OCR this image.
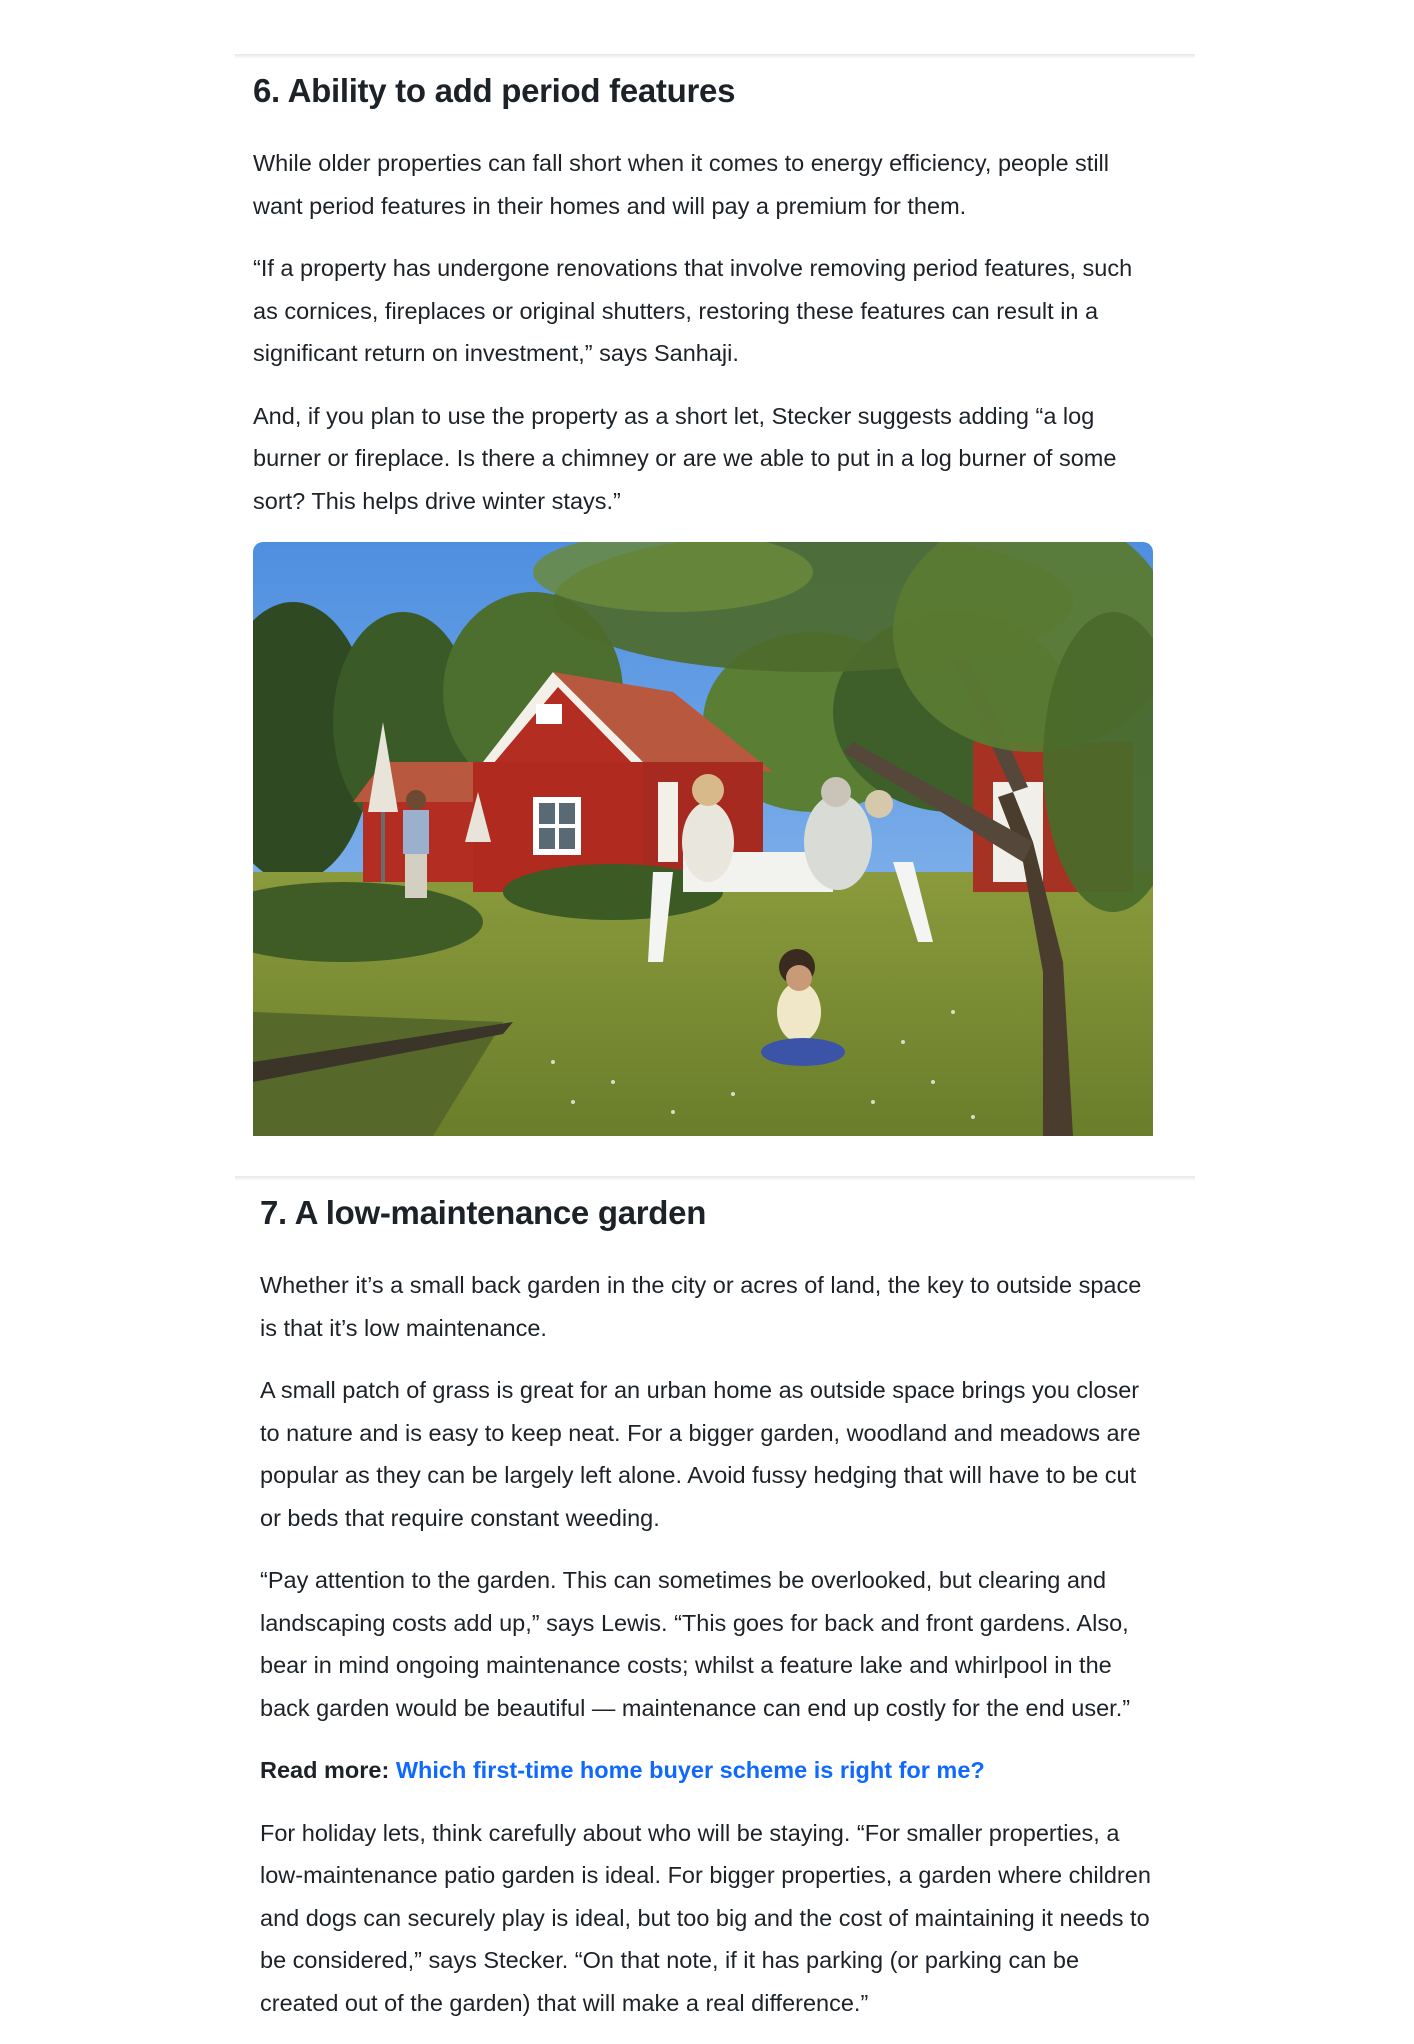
6. Ability to add period features

While older properties can fall short when it comes to energy efficiency, people still want period features in their homes and will pay a premium for them.

“If a property has undergone renovations that involve removing period features, such as cornices, fireplaces or original shutters, restoring these features can result in a significant return on investment,” says Sanhaji.

And, if you plan to use the property as a short let, Stecker suggests adding “a log burner or fireplace. Is there a chimney or are we able to put in a log burner of some sort? This helps drive winter stays.”

7. A low-maintenance garden

Whether it’s a small back garden in the city or acres of land, the key to outside space is that it’s low maintenance.

A small patch of grass is great for an urban home as outside space brings you closer to nature and is easy to keep neat. For a bigger garden, woodland and meadows are popular as they can be largely left alone. Avoid fussy hedging that will have to be cut or beds that require constant weeding.

“Pay attention to the garden. This can sometimes be overlooked, but clearing and landscaping costs add up,” says Lewis. “This goes for back and front gardens. Also, bear in mind ongoing maintenance costs; whilst a feature lake and whirlpool in the back garden would be beautiful — maintenance can end up costly for the end user.”

Read more: Which first-time home buyer scheme is right for me?

For holiday lets, think carefully about who will be staying. “For smaller properties, a low-maintenance patio garden is ideal. For bigger properties, a garden where children and dogs can securely play is ideal, but too big and the cost of maintaining it needs to be considered,” says Stecker. “On that note, if it has parking (or parking can be created out of the garden) that will make a real difference.”
